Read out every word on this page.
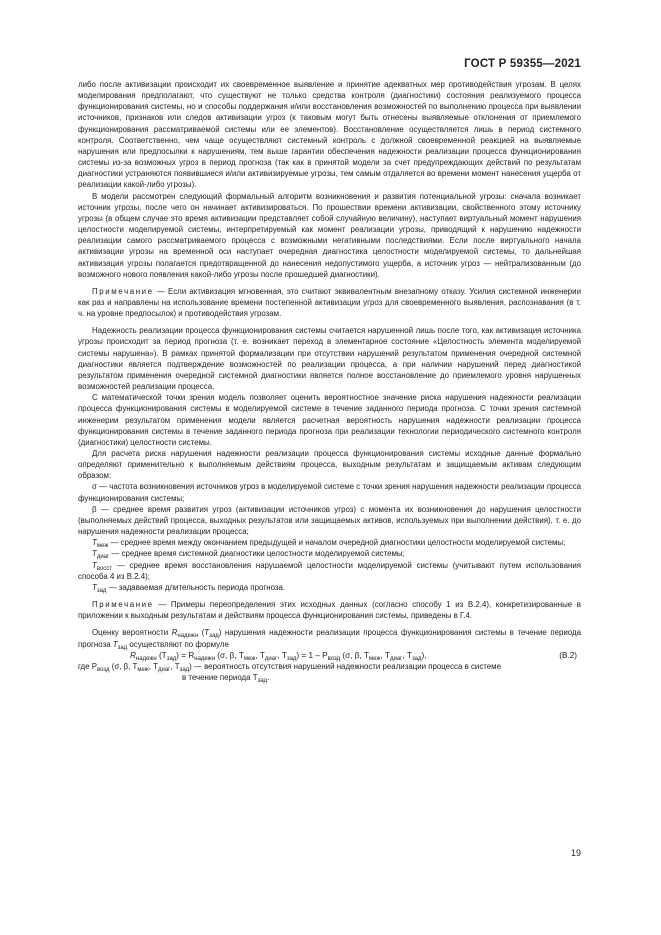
ГОСТ Р 59355—2021

либо после активизации происходит их своевременное выявление и принятие адекватных мер противодействия угрозам. В целях моделирования предполагают, что существуют не только средства контроля (диагностики) состояния реализуемого процесса функционирования системы, но и способы поддержания и/или восстановления возможностей по выполнению процесса при выявлении источников, признаков или следов активизации угроз (к таковым могут быть отнесены выявляемые отклонения от приемлемого функционирования рассматриваемой системы или ее элементов). Восстановление осуществляется лишь в период системного контроля. Соответственно, чем чаще осуществляют системный контроль с должной своевременной реакцией на выявляемые нарушения или предпосылки к нарушениям, тем выше гарантии обеспечения надежности реализации процесса функционирования системы из-за возможных угроз в период прогноза (так как в принятой модели за счет предупреждающих действий по результатам диагностики устраняются появившиеся и/или активизируемые угрозы, тем самым отдаляется во времени момент нанесения ущерба от реализации какой-либо угрозы).

В модели рассмотрен следующий формальный алгоритм возникновения и развития потенциальной угрозы: сначала возникает источник угрозы, после чего он начинает активизироваться. По прошествии времени активизации, свойственного этому источнику угрозы (в общем случае это время активизации представляет собой случайную величину), наступает виртуальный момент нарушения целостности моделируемой системы, интерпретируемый как момент реализации угрозы, приводящий к нарушению надежности реализации самого рассматриваемого процесса с возможными негативными последствиями. Если после виртуального начала активизации угрозы на временной оси наступает очередная диагностика целостности моделируемой системы, то дальнейшая активизация угрозы полагается предотвращенной до нанесения недопустимого ущерба, а источник угроз — нейтрализованным (до возможного нового появления какой-либо угрозы после прошедшей диагностики).

Примечание — Если активизация мгновенная, это считают эквивалентным внезапному отказу. Усилия системной инженерии как раз и направлены на использование времени постепенной активизации угроз для своевременного выявления, распознавания (в т. ч. на уровне предпосылок) и противодействия угрозам.

Надежность реализации процесса функционирования системы считается нарушенной лишь после того, как активизация источника угрозы происходит за период прогноза (т. е. возникает переход в элементарное состояние «Целостность элемента моделируемой системы нарушена»). В рамках принятой формализации при отсутствии нарушений результатом применения очередной системной диагностики является подтверждение возможностей по реализации процесса, а при наличии нарушений перед диагностикой результатом применения очередной системной диагностики является полное восстановление до приемлемого уровня нарушенных возможностей реализации процесса.

С математической точки зрения модель позволяет оценить вероятностное значение риска нарушения надежности реализации процесса функционирования системы в моделируемой системе в течение заданного периода прогноза. С точки зрения системной инженерии результатом применения модели является расчетная вероятность нарушения надежности реализации процесса функционирования системы в течение заданного периода прогноза при реализации технологии периодического системного контроля (диагностики) целостности системы.

Для расчета риска нарушения надежности реализации процесса функционирования системы исходные данные формально определяют применительно к выполняемым действиям процесса, выходным результатам и защищаемым активам следующим образом:

σ — частота возникновения источников угроз в моделируемой системе с точки зрения нарушения надежности реализации процесса функционирования системы;

β — среднее время развития угроз (активизации источников угроз) с момента их возникновения до нарушения целостности (выполняемых действий процесса, выходных результатов или защищаемых активов, используемых при выполнении действия), т. е. до нарушения надежности реализации процесса;

$T_{меж}$ — среднее время между окончанием предыдущей и началом очередной диагностики целостности моделируемой системы;

$T_{диаг}$ — среднее время системной диагностики целостности моделируемой системы;

$T_{восст}$ — среднее время восстановления нарушаемой целостности моделируемой системы (учитывают путем использования способа 4 из В.2.4);

$T_{зад}$ — задаваемая длительность периода прогноза.

Примечание — Примеры переопределения этих исходных данных (согласно способу 1 из В.2.4), конкретизированные в приложении к выходным результатам и действиям процесса функционирования системы, приведены в Г.4.

Оценку вероятности $R_{надежн}$ $(T_{зад})$ нарушения надежности реализации процесса функционирования системы в течение периода прогноза $T_{зад}$ осуществляют по формуле

$R_{надежн}$ $(T_{зад}) = R_{надежн}$ (σ, β, $T_{меж}$, $T_{диаг}$, $T_{зад}) = 1 - P_{возд}$ (σ, β, $T_{меж}$, $T_{диаг}$, $T_{зад}$),	(В.2)

где $P_{возд}$ (σ, β, $T_{меж}$, $T_{диаг}$, $T_{зад}$) — вероятность отсутствия нарушений надежности реализации процесса в системе
в течение периода $T_{зад}$.

19
